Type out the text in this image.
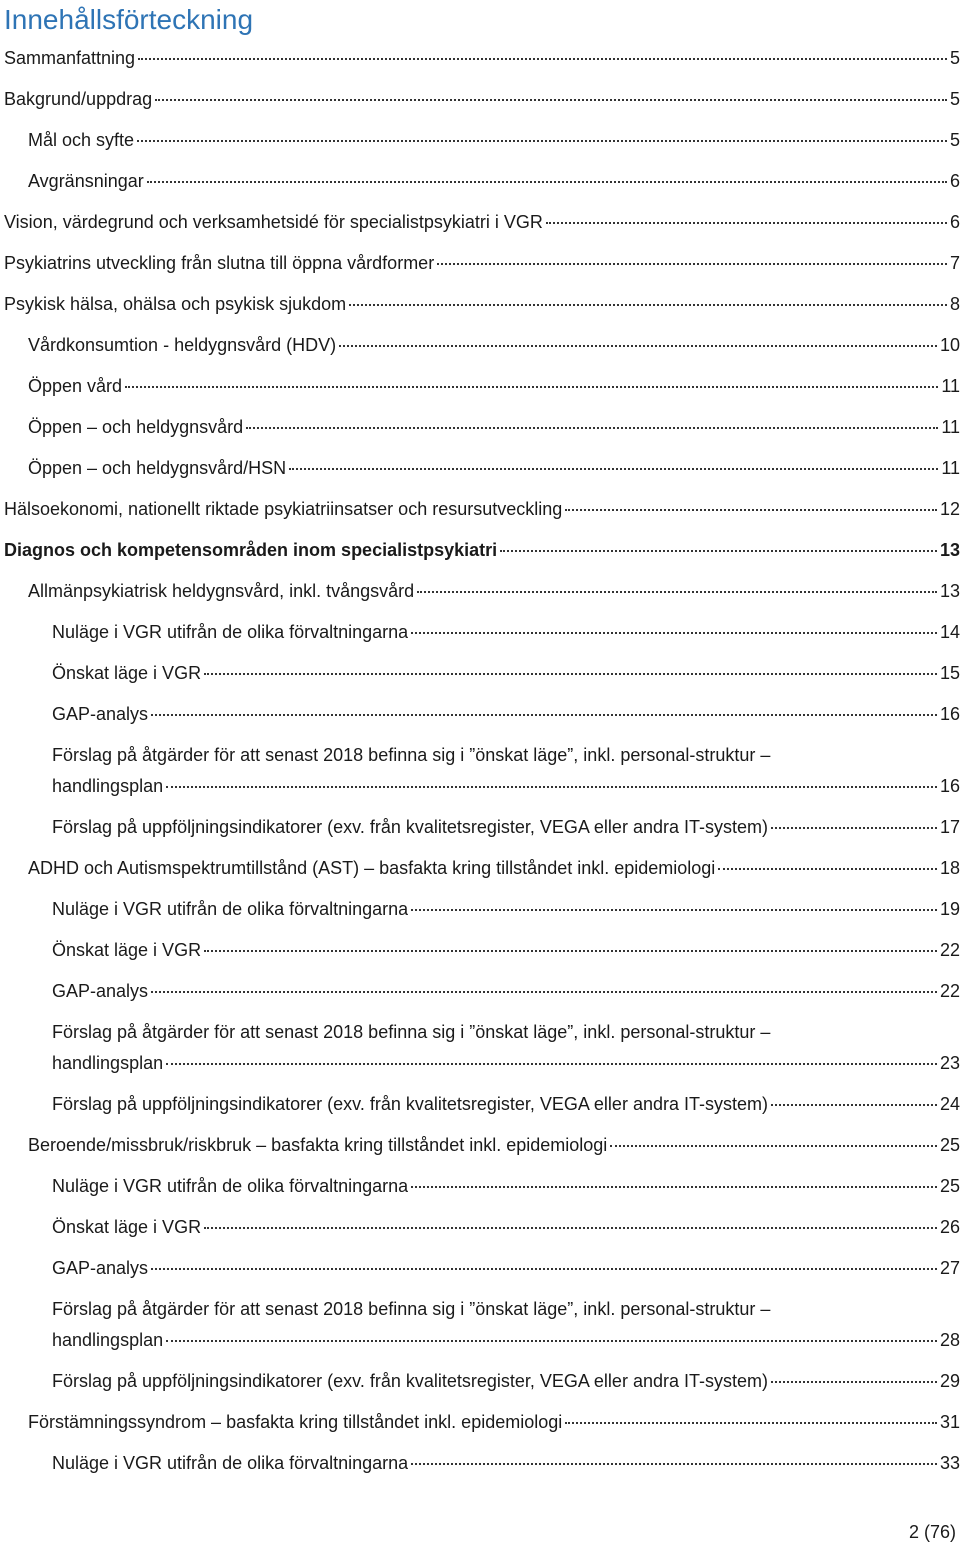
Innehållsförteckning
Sammanfattning	5
Bakgrund/uppdrag	5
Mål och syfte	5
Avgränsningar	6
Vision, värdegrund och verksamhetsidé för specialistpsykiatri i VGR	6
Psykiatrins utveckling från slutna till öppna vårdformer	7
Psykisk hälsa, ohälsa och psykisk sjukdom	8
Vårdkonsumtion - heldygnsvård (HDV)	10
Öppen vård	11
Öppen – och heldygnsvård	11
Öppen – och heldygnsvård/HSN	11
Hälsoekonomi, nationellt riktade psykiatriinsatser och resursutveckling	12
Diagnos och kompetensområden inom specialistpsykiatri	13
Allmänpsykiatrisk heldygnsvård, inkl. tvångsvård	13
Nuläge i VGR utifrån de olika förvaltningarna	14
Önskat läge i VGR	15
GAP-analys	16
Förslag på åtgärder för att senast 2018 befinna sig i ”önskat läge”, inkl. personal-struktur –
handlingsplan	16
Förslag på uppföljningsindikatorer (exv. från kvalitetsregister, VEGA eller andra IT-system)	17
ADHD och Autismspektrumtillstånd (AST) – basfakta kring tillståndet inkl. epidemiologi	18
Nuläge i VGR utifrån de olika förvaltningarna	19
Önskat läge i VGR	22
GAP-analys	22
Förslag på åtgärder för att senast 2018 befinna sig i ”önskat läge”, inkl. personal-struktur –
handlingsplan	23
Förslag på uppföljningsindikatorer (exv. från kvalitetsregister, VEGA eller andra IT-system)	24
Beroende/missbruk/riskbruk – basfakta kring tillståndet inkl. epidemiologi	25
Nuläge i VGR utifrån de olika förvaltningarna	25
Önskat läge i VGR	26
GAP-analys	27
Förslag på åtgärder för att senast 2018 befinna sig i ”önskat läge”, inkl. personal-struktur –
handlingsplan	28
Förslag på uppföljningsindikatorer (exv. från kvalitetsregister, VEGA eller andra IT-system)	29
Förstämningssyndrom – basfakta kring tillståndet inkl. epidemiologi	31
Nuläge i VGR utifrån de olika förvaltningarna	33
2 (76)
